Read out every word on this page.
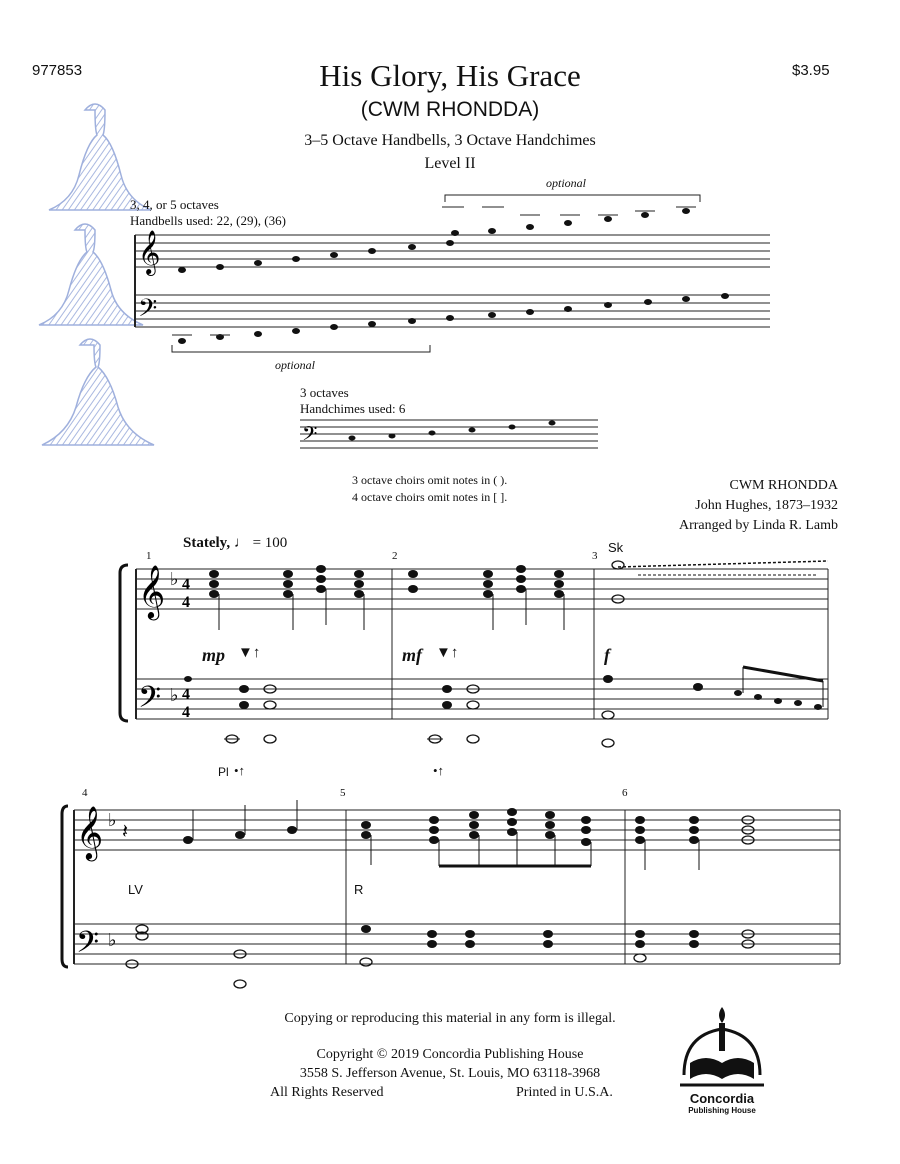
977853	$3.95
His Glory, His Grace
(CWM RHONDDA)
3–5 Octave Handbells, 3 Octave Handchimes
Level II
3, 4, or 5 octaves
Handbells used: 22, (29), (36)
optional
optional
3 octaves
Handchimes used: 6
𝄞
𝄢
𝄢
3 octave choirs omit notes in ( ).
4 octave choirs omit notes in [ ].
CWM RHONDDA
John Hughes, 1873–1932
Arranged by Linda R. Lamb
Stately, ♩ = 100
1	2	3
4	5	6
mp ▼↑	mf ▼↑	f
Sk
Pl •↑	•↑
LV	R
𝄞
𝄢
♭
♭
4
4
4
4
𝄞
𝄢
♭
♭
𝄽
Copying or reproducing this material in any form is illegal.
Copyright © 2019 Concordia Publishing House
3558 S. Jefferson Avenue, St. Louis, MO 63118-3968
All Rights Reserved	Printed in U.S.A.	Concordia
Publishing House
